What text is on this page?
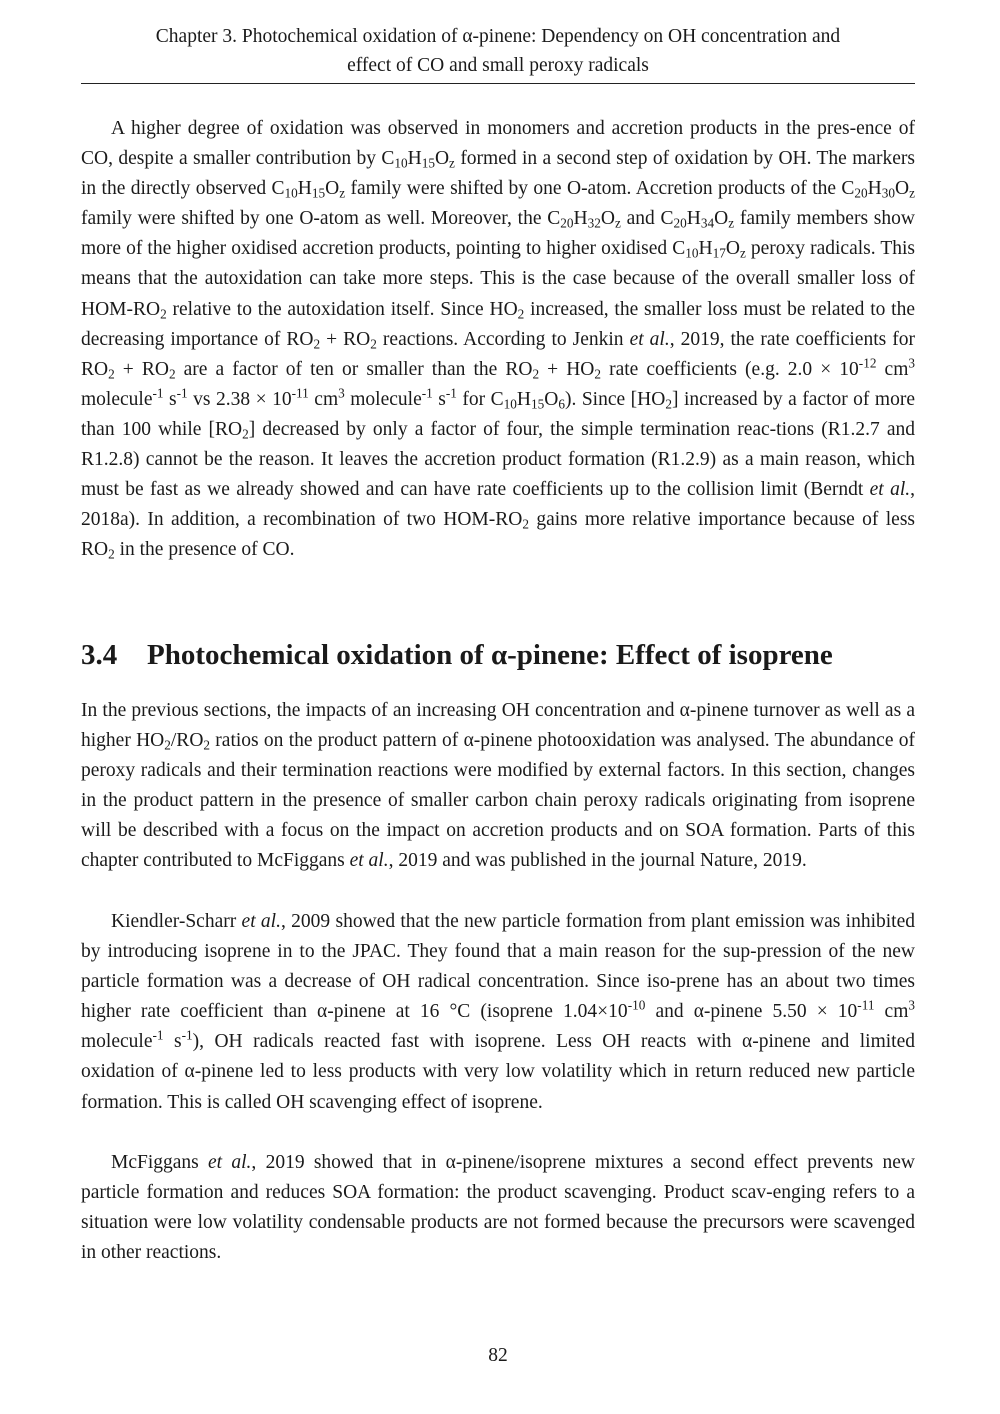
Chapter 3. Photochemical oxidation of α-pinene: Dependency on OH concentration and
effect of CO and small peroxy radicals

A higher degree of oxidation was observed in monomers and accretion products in the pres-ence of CO, despite a smaller contribution by $C_{10}H_{15}O_z$ formed in a second step of oxidation by OH. The markers in the directly observed $C_{10}H_{15}O_z$ family were shifted by one O-atom. Accretion products of the $C_{20}H_{30}O_z$ family were shifted by one O-atom as well. Moreover, the $C_{20}H_{32}O_z$ and $C_{20}H_{34}O_z$ family members show more of the higher oxidised accretion products, pointing to higher oxidised $C_{10}H_{17}O_z$ peroxy radicals. This means that the autoxidation can take more steps. This is the case because of the overall smaller loss of HOM-$RO_2$ relative to the autoxidation itself. Since $HO_2$ increased, the smaller loss must be related to the decreasing importance of $RO_2 + RO_2$ reactions. According to Jenkin et al., 2019, the rate coefficients for $RO_2 + RO_2$ are a factor of ten or smaller than the $RO_2 + HO_2$ rate coefficients (e.g. $2.0 \times 10^{-12}$ $cm^3$ molecule$^{-1}$ $s^{-1}$ vs $2.38 \times 10^{-11}$ $cm^3$ molecule$^{-1}$ $s^{-1}$ for $C_{10}H_{15}O_6$). Since $[HO_2]$ increased by a factor of more than 100 while $[RO_2]$ decreased by only a factor of four, the simple termination reac-tions (R1.2.7 and R1.2.8) cannot be the reason. It leaves the accretion product formation (R1.2.9) as a main reason, which must be fast as we already showed and can have rate coefficients up to the collision limit (Berndt et al., 2018a). In addition, a recombination of two HOM-$RO_2$ gains more relative importance because of less $RO_2$ in the presence of CO.

3.4 Photochemical oxidation of α-pinene: Effect of isoprene

In the previous sections, the impacts of an increasing OH concentration and α-pinene turnover as well as a higher $HO_2/RO_2$ ratios on the product pattern of α-pinene photooxidation was analysed. The abundance of peroxy radicals and their termination reactions were modified by external factors. In this section, changes in the product pattern in the presence of smaller carbon chain peroxy radicals originating from isoprene will be described with a focus on the impact on accretion products and on SOA formation. Parts of this chapter contributed to McFiggans et al., 2019 and was published in the journal Nature, 2019.

Kiendler-Scharr et al., 2009 showed that the new particle formation from plant emission was inhibited by introducing isoprene in to the JPAC. They found that a main reason for the sup-pression of the new particle formation was a decrease of OH radical concentration. Since iso-prene has an about two times higher rate coefficient than α-pinene at 16 °C (isoprene $1.04\times 10^{-10}$ and α-pinene $5.50 \times 10^{-11}$ $cm^3$ molecule$^{-1}$ $s^{-1}$), OH radicals reacted fast with isoprene. Less OH reacts with α-pinene and limited oxidation of α-pinene led to less products with very low volatility which in return reduced new particle formation. This is called OH scavenging effect of isoprene.

McFiggans et al., 2019 showed that in α-pinene/isoprene mixtures a second effect prevents new particle formation and reduces SOA formation: the product scavenging. Product scav-enging refers to a situation were low volatility condensable products are not formed because the precursors were scavenged in other reactions.

82
